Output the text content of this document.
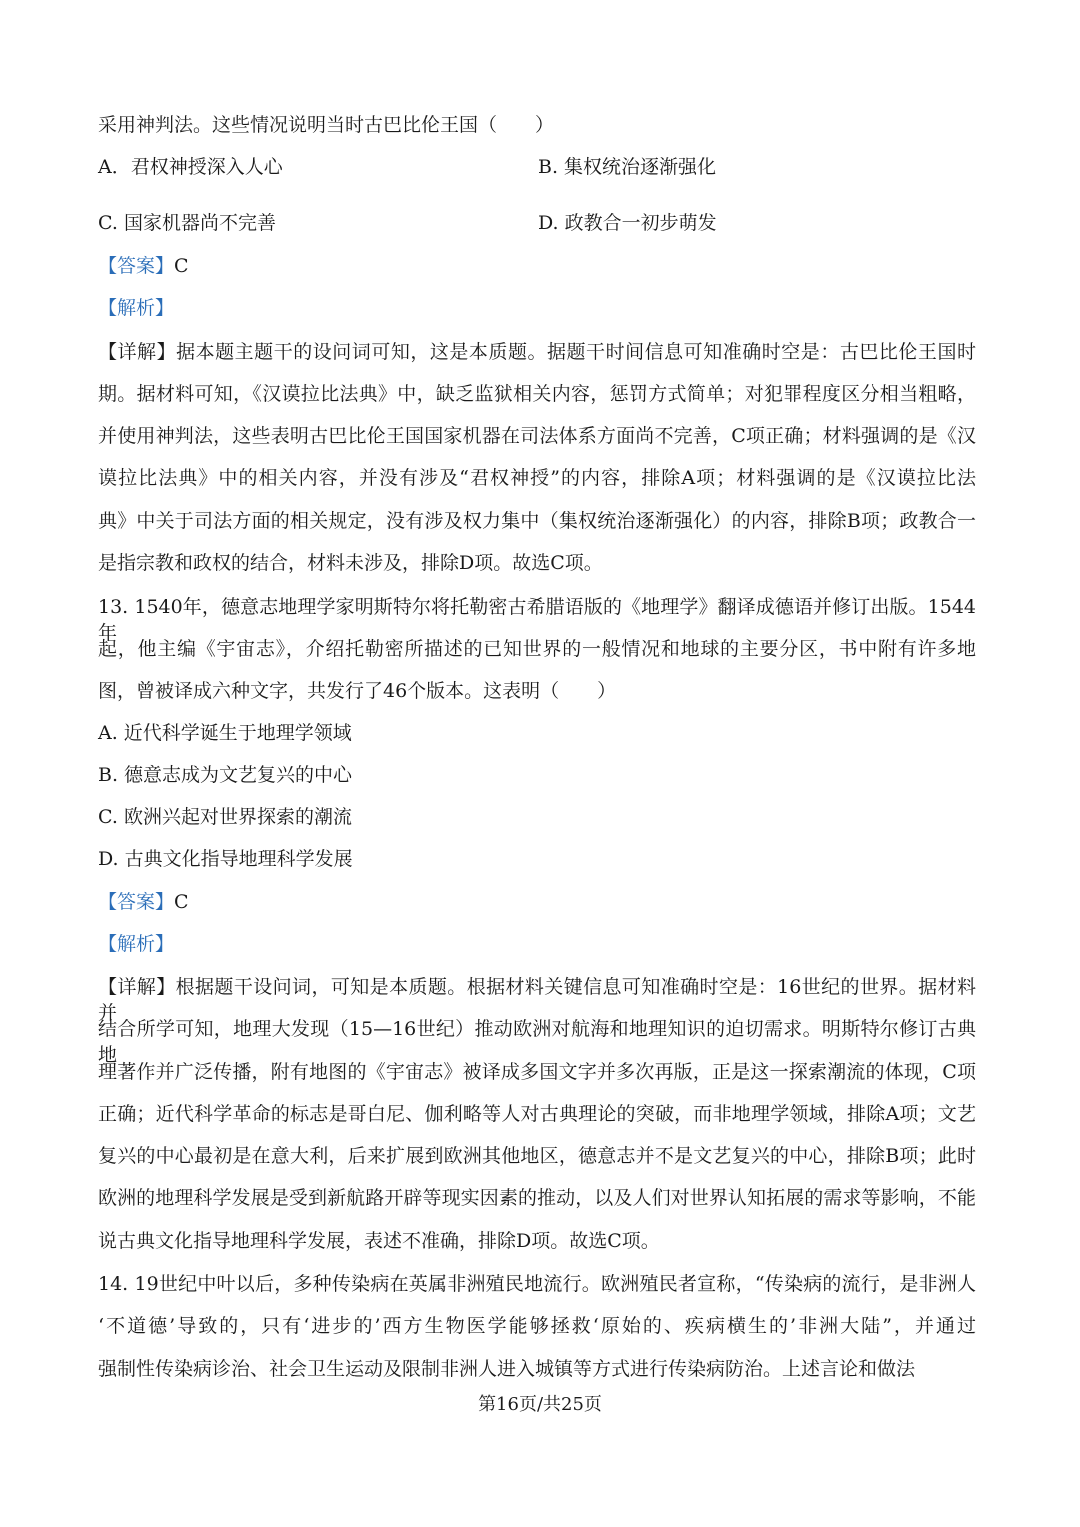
采用神判法。这些情况说明当时古巴比伦王国（　　）
A．君权神授深入人心	B. 集权统治逐渐强化
C. 国家机器尚不完善	D. 政教合一初步萌发
【答案】C
【解析】
【详解】据本题主题干的设问词可知，这是本质题。据题干时间信息可知准确时空是：古巴比伦王国时
期。据材料可知，《汉谟拉比法典》中，缺乏监狱相关内容，惩罚方式简单；对犯罪程度区分相当粗略，
并使用神判法，这些表明古巴比伦王国国家机器在司法体系方面尚不完善，C项正确；材料强调的是《汉
谟拉比法典》中的相关内容，并没有涉及“君权神授”的内容，排除A项；材料强调的是《汉谟拉比法
典》中关于司法方面的相关规定，没有涉及权力集中（集权统治逐渐强化）的内容，排除B项；政教合一
是指宗教和政权的结合，材料未涉及，排除D项。故选C项。
13. 1540年，德意志地理学家明斯特尔将托勒密古希腊语版的《地理学》翻译成德语并修订出版。1544年
起，他主编《宇宙志》，介绍托勒密所描述的已知世界的一般情况和地球的主要分区，书中附有许多地
图，曾被译成六种文字，共发行了46个版本。这表明（　　）
A. 近代科学诞生于地理学领域
B. 德意志成为文艺复兴的中心
C. 欧洲兴起对世界探索的潮流
D. 古典文化指导地理科学发展
【答案】C
【解析】
【详解】根据题干设问词，可知是本质题。根据材料关键信息可知准确时空是：16世纪的世界。据材料并
结合所学可知，地理大发现（15—16世纪）推动欧洲对航海和地理知识的迫切需求。明斯特尔修订古典地
理著作并广泛传播，附有地图的《宇宙志》被译成多国文字并多次再版，正是这一探索潮流的体现，C项
正确；近代科学革命的标志是哥白尼、伽利略等人对古典理论的突破，而非地理学领域，排除A项；文艺
复兴的中心最初是在意大利，后来扩展到欧洲其他地区，德意志并不是文艺复兴的中心，排除B项；此时
欧洲的地理科学发展是受到新航路开辟等现实因素的推动，以及人们对世界认知拓展的需求等影响，不能
说古典文化指导地理科学发展，表述不准确，排除D项。故选C项。
14. 19世纪中叶以后，多种传染病在英属非洲殖民地流行。欧洲殖民者宣称，“传染病的流行，是非洲人
‘不道德’导致的，只有‘进步的’西方生物医学能够拯救‘原始的、疾病横生的’非洲大陆”，并通过
强制性传染病诊治、社会卫生运动及限制非洲人进入城镇等方式进行传染病防治。上述言论和做法
第16页/共25页
